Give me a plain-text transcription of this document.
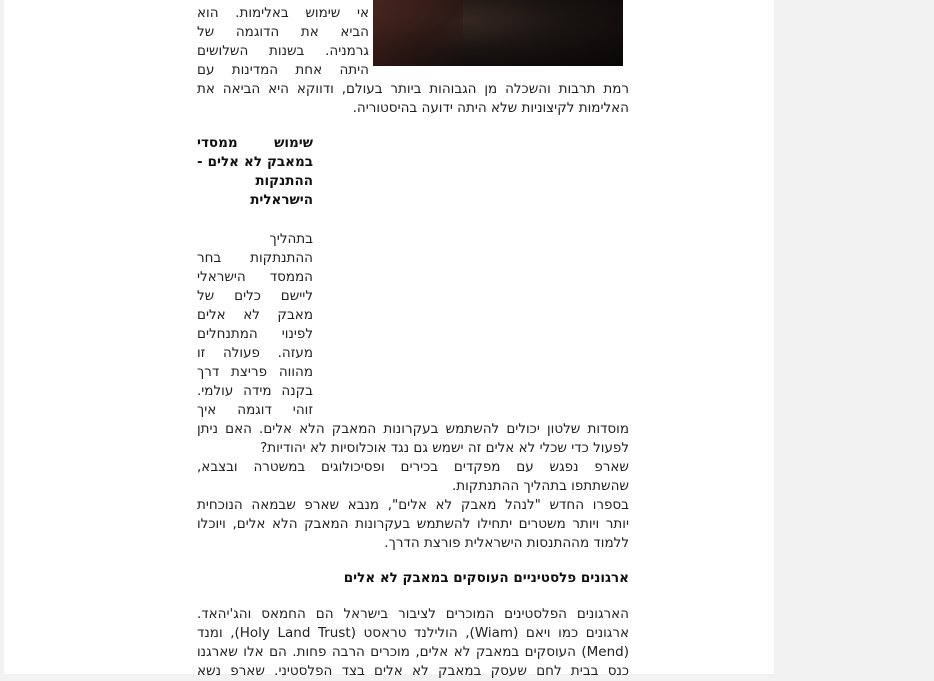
אי שימוש באלימות. הוא
הביא את הדוגמה של
גרמניה. בשנות השלושים
היתה אחת המדינות עם
רמת תרבות והשכלה מן הגבוהות ביותר בעולם, ודווקא היא הביאה את
האלימות לקיצוניות שלא היתה ידועה בהיסטוריה.
שימוש ממסדי
במאבק לא אלים -
ההתנקות
הישראלית
בתהליך
ההתנתקות בחר
הממסד הישראלי
ליישם כלים של
מאבק לא אלים
לפינוי המתנחלים
מעזה. פעולה זו
מהווה פריצת דרך
בקנה מידה עולמי.
זוהי דוגמה איך
מוסדות שלטון יכולים להשתמש בעקרונות המאבק הלא אלים. האם ניתן
לפעול כדי שכלי לא אלים זה ישמש גם נגד אוכלוסיות לא יהודיות?
שארפ נפגש עם מפקדים בכירים ופסיכולוגים במשטרה ובצבא,
שהשתתפו בתהליך ההתנתקות.
בספרו החדש "לנהל מאבק לא אלים", מנבא שארפ שבמאה הנוכחית
יותר ויותר משטרים יתחילו להשתמש בעקרונות המאבק הלא אלים, ויוכלו
ללמוד מההתנסות הישראלית פורצת הדרך.
ארגונים פלסטיניים העוסקים במאבק לא אלים
הארגונים הפלסטינים המוכרים לציבור בישראל הם החמאס והג'יהאד.
ארגונים כמו ויאם (Wiam), הולילנד טראסט (Holy Land Trust), ומנד
(Mend) העוסקים במאבק לא אלים, מוכרים הרבה פחות. הם אלו שארגנו
כנס בבית לחם שעסק במאבק לא אלים בצד הפלסטיני. שארפ נשא
